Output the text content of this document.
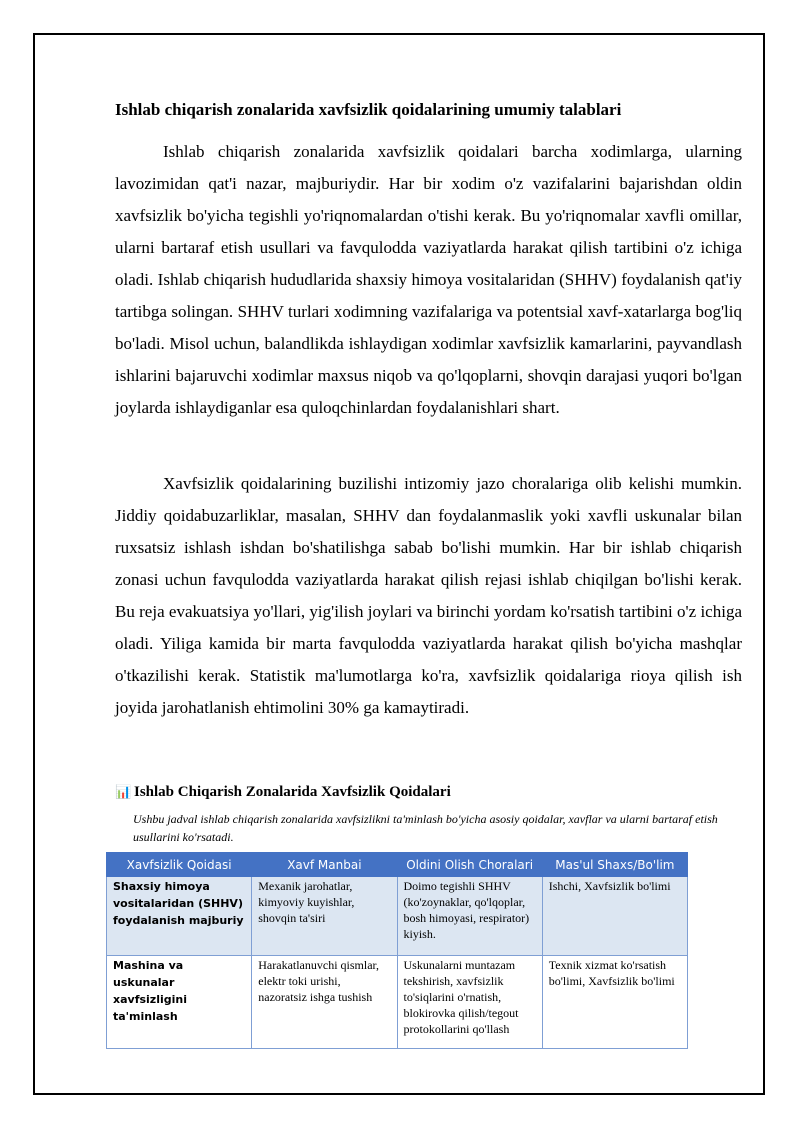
Ishlab chiqarish zonalarida xavfsizlik qoidalarining umumiy talablari

Ishlab chiqarish zonalarida xavfsizlik qoidalari barcha xodimlarga, ularning lavozimidan qat'i nazar, majburiydir. Har bir xodim o'z vazifalarini bajarishdan oldin xavfsizlik bo'yicha tegishli yo'riqnomalardan o'tishi kerak. Bu yo'riqnomalar xavfli omillar, ularni bartaraf etish usullari va favqulodda vaziyatlarda harakat qilish tartibini o'z ichiga oladi. Ishlab chiqarish hududlarida shaxsiy himoya vositalaridan (SHHV) foydalanish qat'iy tartibga solingan. SHHV turlari xodimning vazifalariga va potentsial xavf-xatarlarga bog'liq bo'ladi. Misol uchun, balandlikda ishlaydigan xodimlar xavfsizlik kamarlarini, payvandlash ishlarini bajaruvchi xodimlar maxsus niqob va qo'lqoplarni, shovqin darajasi yuqori bo'lgan joylarda ishlaydiganlar esa quloqchinlardan foydalanishlari shart.

Xavfsizlik qoidalarining buzilishi intizomiy jazo choralariga olib kelishi mumkin. Jiddiy qoidabuzarliklar, masalan, SHHV dan foydalanmaslik yoki xavfli uskunalar bilan ruxsatsiz ishlash ishdan bo'shatilishga sabab bo'lishi mumkin. Har bir ishlab chiqarish zonasi uchun favqulodda vaziyatlarda harakat qilish rejasi ishlab chiqilgan bo'lishi kerak. Bu reja evakuatsiya yo'llari, yig'ilish joylari va birinchi yordam ko'rsatish tartibini o'z ichiga oladi. Yiliga kamida bir marta favqulodda vaziyatlarda harakat qilish bo'yicha mashqlar o'tkazilishi kerak. Statistik ma'lumotlarga ko'ra, xavfsizlik qoidalariga rioya qilish ish joyida jarohatlanish ehtimolini 30% ga kamaytiradi.

📊 Ishlab Chiqarish Zonalarida Xavfsizlik Qoidalari
Ushbu jadval ishlab chiqarish zonalarida xavfsizlikni ta'minlash bo'yicha asosiy qoidalar, xavflar va ularni bartaraf etish usullarini ko'rsatadi.
Xavfsizlik Qoidasi	Xavf Manbai	Oldini Olish Choralari	Mas'ul Shaxs/Bo'lim
Shaxsiy himoya vositalaridan (SHHV) foydalanish majburiy	Mexanik jarohatlar, kimyoviy kuyishlar, shovqin ta'siri	Doimo tegishli SHHV (ko'zoynaklar, qo'lqoplar, bosh himoyasi, respirator) kiyish.	Ishchi, Xavfsizlik bo'limi
Mashina va uskunalar xavfsizligini ta'minlash	Harakatlanuvchi qismlar, elektr toki urishi, nazoratsiz ishga tushish	Uskunalarni muntazam tekshirish, xavfsizlik to'siqlarini o'rnatish, blokirovka qilish/tegout protokollarini qo'llash	Texnik xizmat ko'rsatish bo'limi, Xavfsizlik bo'limi
